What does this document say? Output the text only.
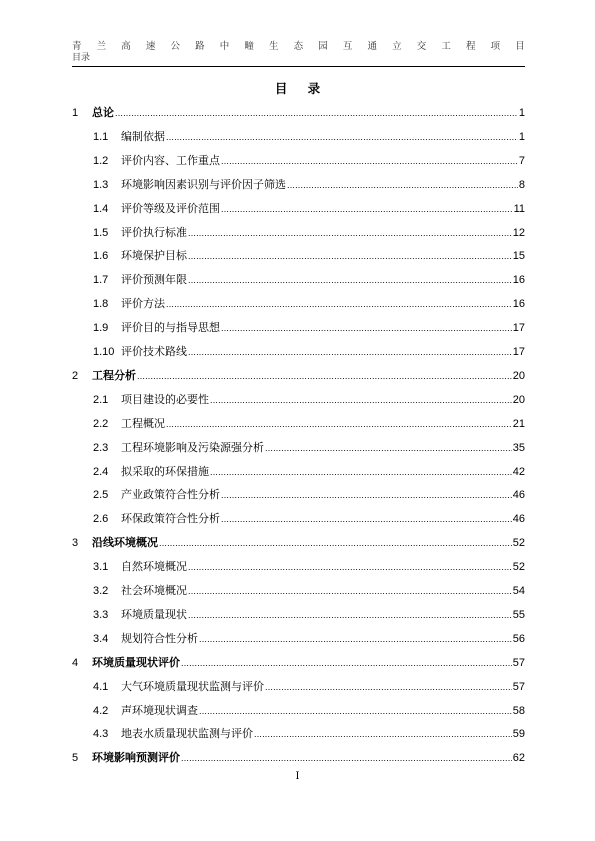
青 兰 高 速 公 路 中 疃 生 态 园 互 通 立 交 工 程 项 目
目录
目 录
1	总论 .....	1
1.1	编制依据 .....	1
1.2	评价内容、工作重点 .....	7
1.3	环境影响因素识别与评价因子筛选 .....	8
1.4	评价等级及评价范围 .....	11
1.5	评价执行标准 .....	12
1.6	环境保护目标 .....	15
1.7	评价预测年限 .....	16
1.8	评价方法 .....	16
1.9	评价目的与指导思想 .....	17
1.10 评价技术路线 .....	17
2	工程分析 .....	20
2.1	项目建设的必要性 .....	20
2.2	工程概况 .....	21
2.3	工程环境影响及污染源强分析 .....	35
2.4	拟采取的环保措施 .....	42
2.5	产业政策符合性分析 .....	46
2.6	环保政策符合性分析 .....	46
3	沿线环境概况 .....	52
3.1	自然环境概况 .....	52
3.2	社会环境概况 .....	54
3.3	环境质量现状 .....	55
3.4	规划符合性分析 .....	56
4	环境质量现状评价 .....	57
4.1	大气环境质量现状监测与评价 .....	57
4.2	声环境现状调查 .....	58
4.3	地表水质量现状监测与评价 .....	59
5	环境影响预测评价 .....	62
I
